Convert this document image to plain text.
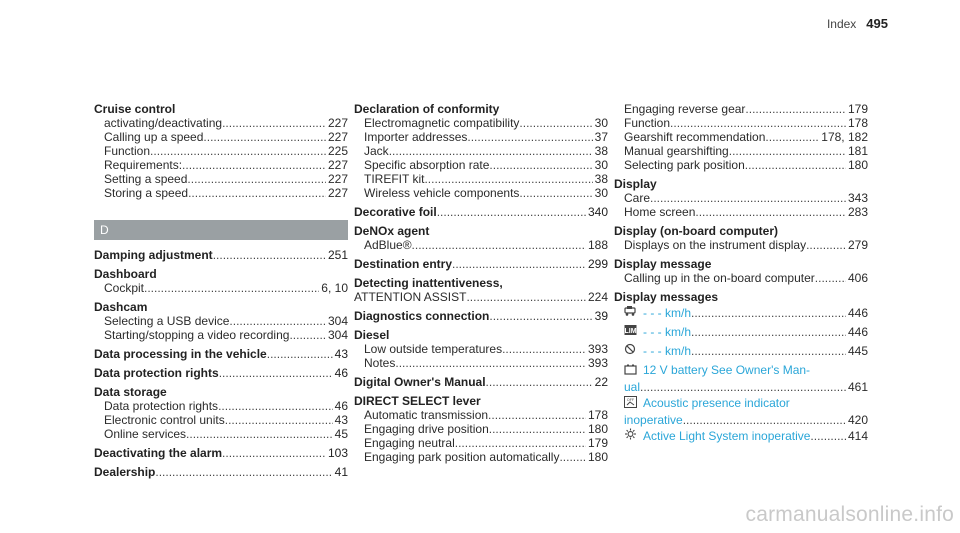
Index 495
Cruise control
activating/deactivating .....	227
Calling up a speed .....	227
Function .....	225
Requirements: .....	227
Setting a speed .....	227
Storing a speed .....	227
D
Damping adjustment .....	251
Dashboard
Cockpit .....	6, 10
Dashcam
Selecting a USB device .....	304
Starting/stopping a video recording .....	304
Data processing in the vehicle .....	43
Data protection rights .....	46
Data storage
Data protection rights .....	46
Electronic control units .....	43
Online services .....	45
Deactivating the alarm .....	103
Dealership .....	41
Declaration of conformity
Electromagnetic compatibility .....	30
Importer addresses .....	37
Jack .....	38
Specific absorption rate .....	30
TIREFIT kit .....	38
Wireless vehicle components .....	30
Decorative foil .....	340
DeNOx agent
AdBlue® .....	188
Destination entry .....	299
Detecting inattentiveness,
ATTENTION ASSIST .....	224
Diagnostics connection .....	39
Diesel
Low outside temperatures .....	393
Notes .....	393
Digital Owner's Manual .....	22
DIRECT SELECT lever
Automatic transmission .....	178
Engaging drive position .....	180
Engaging neutral .....	179
Engaging park position automatically ..... 180
Engaging reverse gear .....	179
Function .....	178
Gearshift recommendation .....	178, 182
Manual gearshifting .....	181
Selecting park position .....	180
Display
Care .....	343
Home screen .....	283
Display (on-board computer)
Displays on the instrument display .....	279
Display message
Calling up in the on-board computer .....	406
Display messages
- - - km/h .....	446
LIM - - - km/h .....	446
- - - km/h .....	445
12 V battery See Owner's Man-
ual .....	461
OFF Acoustic presence indicator
inoperative .....	420
Active Light System inoperative .....	414
carmanualsonline.info
